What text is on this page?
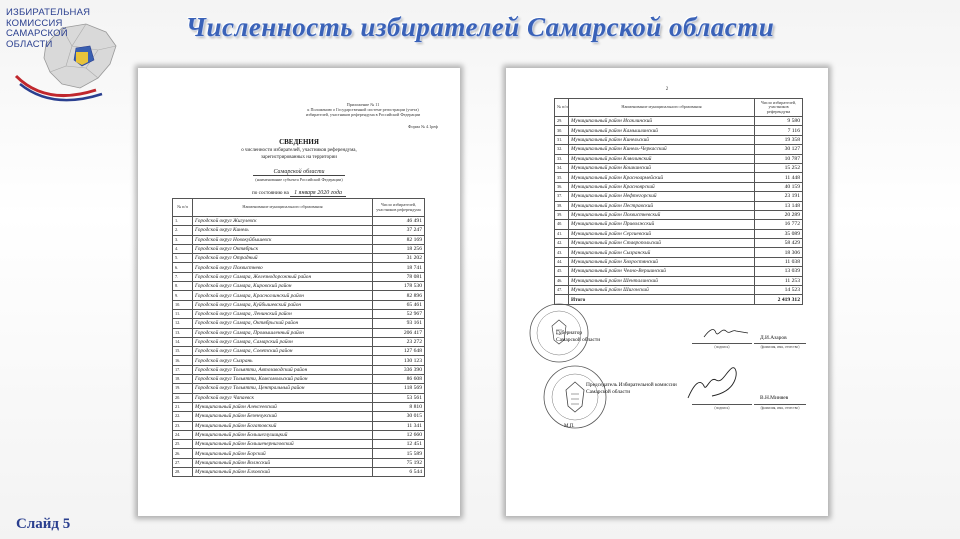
ИЗБИРАТЕЛЬНАЯ
КОМИССИЯ
САМАРСКОЙ
ОБЛАСТИ
Численность избирателей Самарской области
Приложение № 11
к Положению о Государственной системе регистрации (учета)
избирателей, участников референдума в Российской Федерации
Форма № 4.1реф
СВЕДЕНИЯ
о численности избирателей, участников референдума,
зарегистрированных на территории
Самарской области
(наименование субъекта Российской Федерации)
по состоянию на 1 января 2020 года
№ п/п	Наименование муниципального образования	Число избирателей, участников референдума
1.	Городской округ Жигулевск	46 491
2.	Городской округ Кинель	37 247
3.	Городской округ Новокуйбышевск	82 169
4.	Городской округ Октябрьск	18 256
5.	Городской округ Отрадный	31 202
6.	Городской округ Похвистнево	18 741
7.	Городской округ Самара, Железнодорожный район	78 081
8.	Городской округ Самара, Кировский район	178 530
9.	Городской округ Самара, Красноглинский район	82 896
10.	Городской округ Самара, Куйбышевский район	65 461
11.	Городской округ Самара, Ленинский район	52 967
12.	Городской округ Самара, Октябрьский район	93 161
13.	Городской округ Самара, Промышленный район	206 417
14.	Городской округ Самара, Самарский район	23 272
15.	Городской округ Самара, Советский район	127 648
16.	Городской округ Сызрань	130 123
17.	Городской округ Тольятти, Автозаводский район	336 390
18.	Городской округ Тольятти, Комсомольский район	86 608
19.	Городской округ Тольятти, Центральный район	118 569
20.	Городской округ Чапаевск	53 561
21.	Муниципальный район Алексеевский	8 810
22.	Муниципальный район Безенчукский	30 015
23.	Муниципальный район Богатовский	11 341
24.	Муниципальный район Большеглушицкий	12 660
25.	Муниципальный район Большечерниговский	12 451
26.	Муниципальный район Борский	15 589
27.	Муниципальный район Волжский	75 192
28.	Муниципальный район Елховский	6 544
2
№ п/п	Наименование муниципального образования	Число избирателей, участников референдума
29.	Муниципальный район Исаклинский	9 580
30.	Муниципальный район Камышлинский	7 116
31.	Муниципальный район Кинельский	19 358
32.	Муниципальный район Кинель-Черкасский	30 127
33.	Муниципальный район Клявлинский	10 787
34.	Муниципальный район Кошкинский	15 252
35.	Муниципальный район Красноармейский	11 448
36.	Муниципальный район Красноярский	40 159
37.	Муниципальный район Нефтегорский	23 191
38.	Муниципальный район Пестравский	13 148
39.	Муниципальный район Похвистневский	20 289
40.	Муниципальный район Приволжский	16 772
41.	Муниципальный район Сергиевский	35 089
42.	Муниципальный район Ставропольский	58 429
43.	Муниципальный район Сызранский	18 306
44.	Муниципальный район Хворостянский	11 038
45.	Муниципальный район Челно-Вершинский	13 039
46.	Муниципальный район Шенталинский	11 253
47.	Муниципальный район Шигонский	14 523
	Итого	2 419 312
Губернатор
Самарской области
(подпись)
Д.И.Азаров
(фамилия, имя, отчество)
Председатель Избирательной комиссии
Самарской области
(подпись)
В.Н.Миняев
(фамилия, имя, отчество)
М.П.
Слайд 5
